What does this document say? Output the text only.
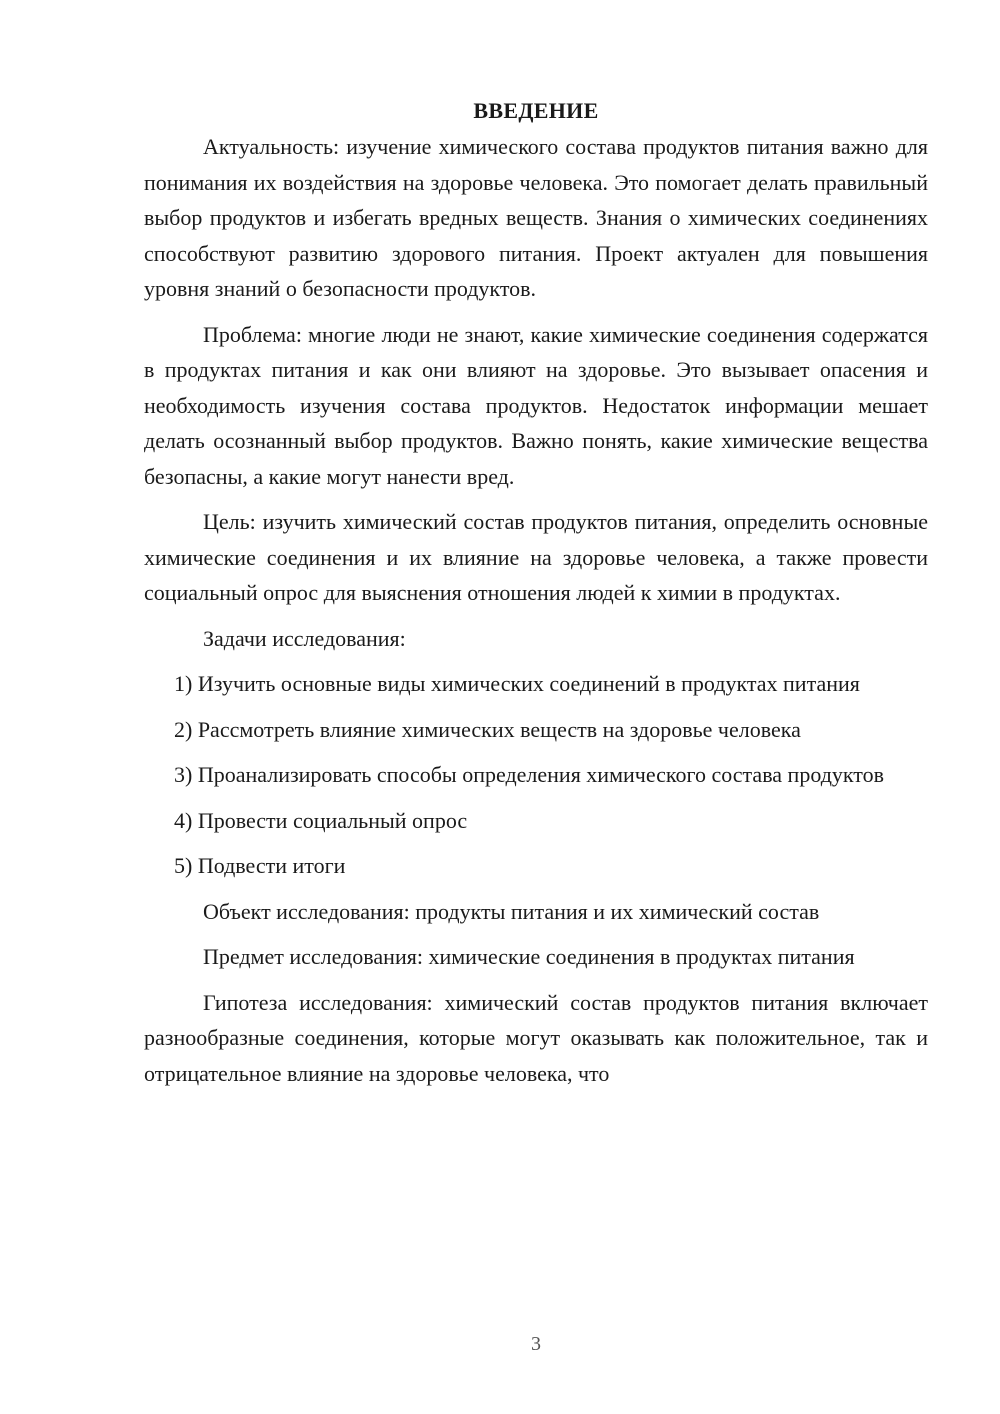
ВВЕДЕНИЕ

Актуальность: изучение химического состава продуктов питания важно для понимания их воздействия на здоровье человека. Это помогает делать правильный выбор продуктов и избегать вредных веществ. Знания о химических соединениях способствуют развитию здорового питания. Проект актуален для повышения уровня знаний о безопасности продуктов.

Проблема: многие люди не знают, какие химические соединения содержатся в продуктах питания и как они влияют на здоровье. Это вызывает опасения и необходимость изучения состава продуктов. Недостаток информации мешает делать осознанный выбор продуктов. Важно понять, какие химические вещества безопасны, а какие могут нанести вред.

Цель: изучить химический состав продуктов питания, определить основные химические соединения и их влияние на здоровье человека, а также провести социальный опрос для выяснения отношения людей к химии в продуктах.

Задачи исследования:

1) Изучить основные виды химических соединений в продуктах питания

2) Рассмотреть влияние химических веществ на здоровье человека

3) Проанализировать способы определения химического состава продуктов

4) Провести социальный опрос

5) Подвести итоги

Объект исследования: продукты питания и их химический состав

Предмет исследования: химические соединения в продуктах питания

Гипотеза исследования: химический состав продуктов питания включает разнообразные соединения, которые могут оказывать как положительное, так и отрицательное влияние на здоровье человека, что

3
